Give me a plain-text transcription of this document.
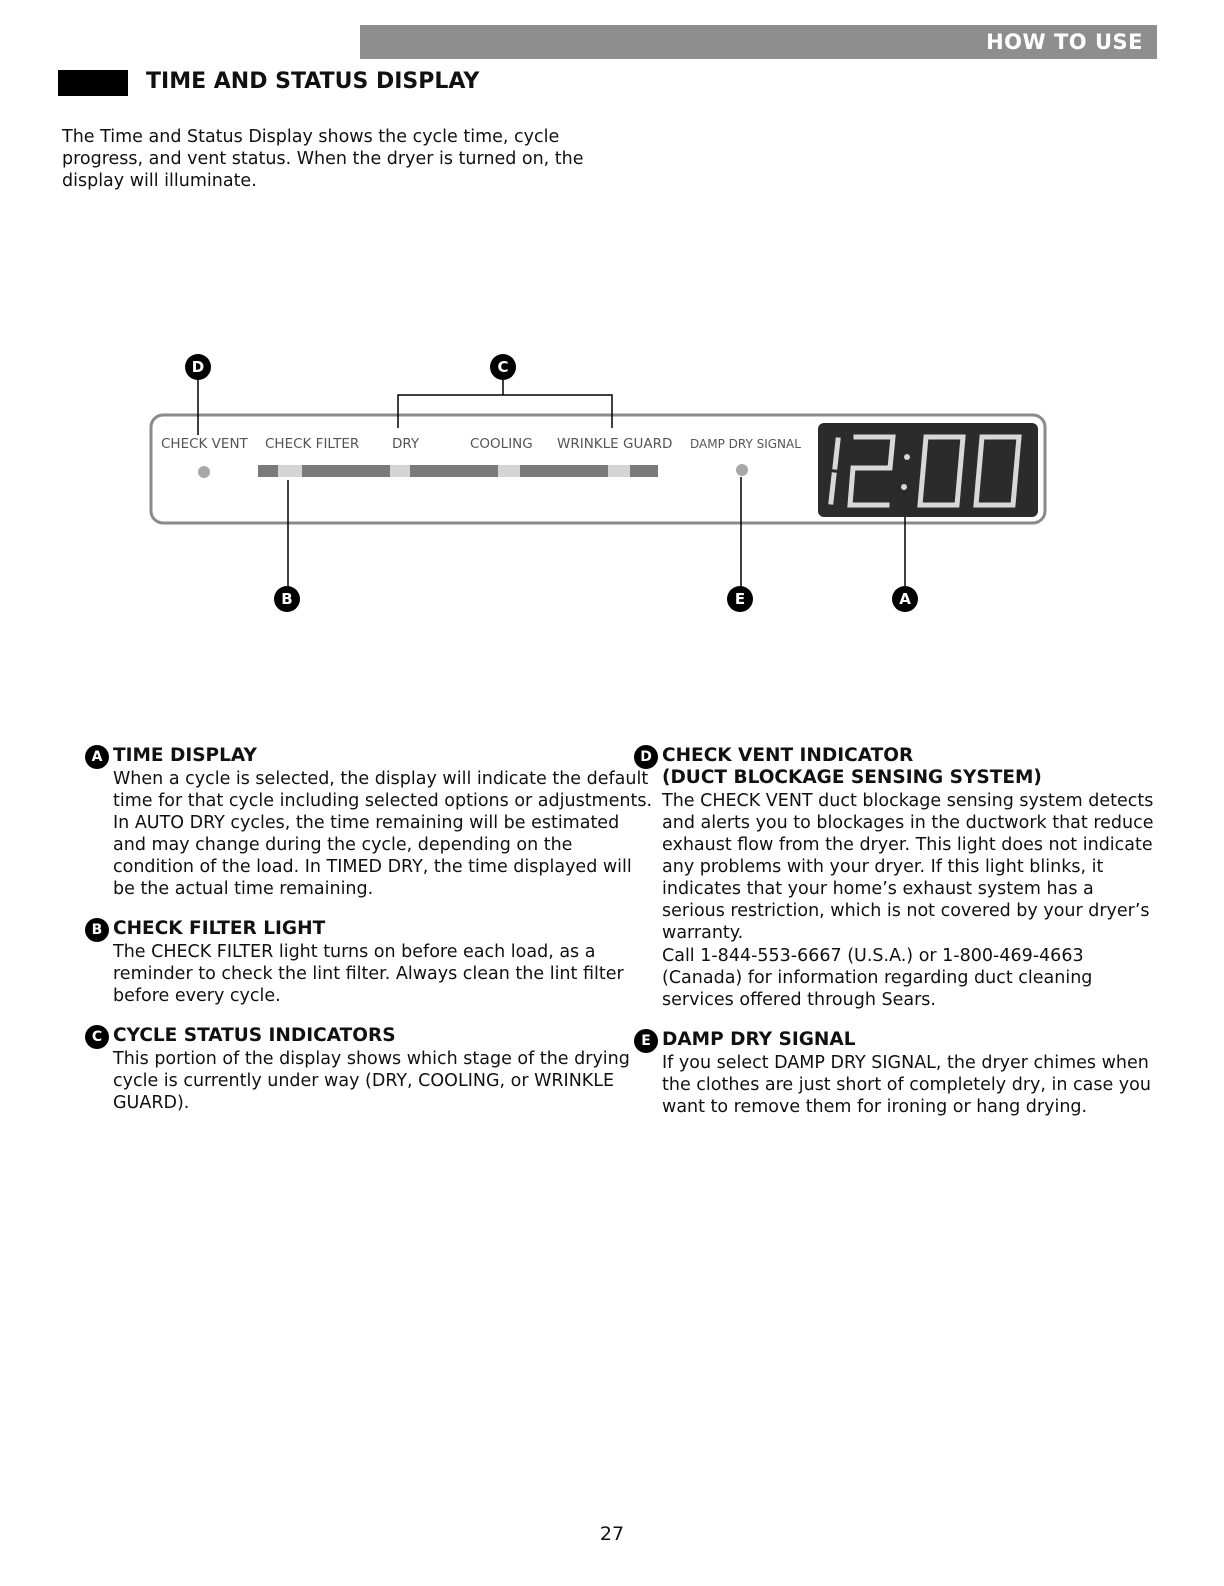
HOW TO USE
TIME AND STATUS DISPLAY
The Time and Status Display shows the cycle time, cycle progress, and vent status. When the dryer is turned on, the display will illuminate.
CHECK VENT CHECK FILTER DRY	COOLING WRINKLE GUARD DAMP DRY SIGNAL
D	C
B	E	A
A TIME DISPLAY
When a cycle is selected, the display will indicate the default time for that cycle including selected options or adjustments. In AUTO DRY cycles, the time remaining will be estimated and may change during the cycle, depending on the condition of the load. In TIMED DRY, the time displayed will be the actual time remaining.
B CHECK FILTER LIGHT
The CHECK FILTER light turns on before each load, as a reminder to check the lint filter. Always clean the lint filter before every cycle.
C CYCLE STATUS INDICATORS
This portion of the display shows which stage of the drying cycle is currently under way (DRY, COOLING, or WRINKLE GUARD).
D CHECK VENT INDICATOR
(DUCT BLOCKAGE SENSING SYSTEM)
The CHECK VENT duct blockage sensing system detects and alerts you to blockages in the ductwork that reduce exhaust flow from the dryer. This light does not indicate any problems with your dryer. If this light blinks, it indicates that your home’s exhaust system has a serious restriction, which is not covered by your dryer’s warranty.
Call 1-844-553-6667 (U.S.A.) or 1-800-469-4663 (Canada) for information regarding duct cleaning services offered through Sears.
E DAMP DRY SIGNAL
If you select DAMP DRY SIGNAL, the dryer chimes when the clothes are just short of completely dry, in case you want to remove them for ironing or hang drying.
27
